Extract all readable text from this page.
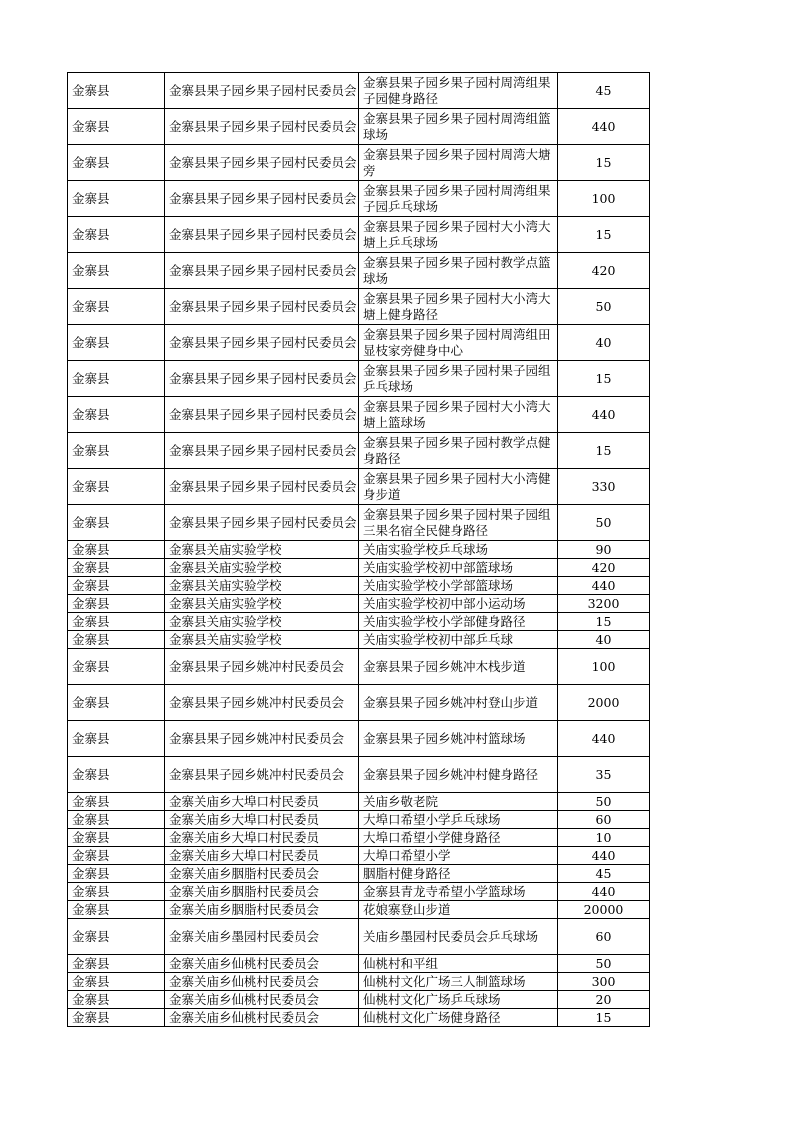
金寨县	金寨县果子园乡果子园村民委员会	金寨县果子园乡果子园村周湾组果子园健身路径	45
金寨县	金寨县果子园乡果子园村民委员会	金寨县果子园乡果子园村周湾组篮球场	440
金寨县	金寨县果子园乡果子园村民委员会	金寨县果子园乡果子园村周湾大塘旁	15
金寨县	金寨县果子园乡果子园村民委员会	金寨县果子园乡果子园村周湾组果子园乒乓球场	100
金寨县	金寨县果子园乡果子园村民委员会	金寨县果子园乡果子园村大小湾大塘上乒乓球场	15
金寨县	金寨县果子园乡果子园村民委员会	金寨县果子园乡果子园村教学点篮球场	420
金寨县	金寨县果子园乡果子园村民委员会	金寨县果子园乡果子园村大小湾大塘上健身路径	50
金寨县	金寨县果子园乡果子园村民委员会	金寨县果子园乡果子园村周湾组田显枝家旁健身中心	40
金寨县	金寨县果子园乡果子园村民委员会	金寨县果子园乡果子园村果子园组乒乓球场	15
金寨县	金寨县果子园乡果子园村民委员会	金寨县果子园乡果子园村大小湾大塘上篮球场	440
金寨县	金寨县果子园乡果子园村民委员会	金寨县果子园乡果子园村教学点健身路径	15
金寨县	金寨县果子园乡果子园村民委员会	金寨县果子园乡果子园村大小湾健身步道	330
金寨县	金寨县果子园乡果子园村民委员会	金寨县果子园乡果子园村果子园组三果名宿全民健身路径	50
金寨县	金寨县关庙实验学校	关庙实验学校乒乓球场	90
金寨县	金寨县关庙实验学校	关庙实验学校初中部篮球场	420
金寨县	金寨县关庙实验学校	关庙实验学校小学部篮球场	440
金寨县	金寨县关庙实验学校	关庙实验学校初中部小运动场	3200
金寨县	金寨县关庙实验学校	关庙实验学校小学部健身路径	15
金寨县	金寨县关庙实验学校	关庙实验学校初中部乒乓球	40
金寨县	金寨县果子园乡姚冲村民委员会	金寨县果子园乡姚冲木栈步道	100
金寨县	金寨县果子园乡姚冲村民委员会	金寨县果子园乡姚冲村登山步道	2000
金寨县	金寨县果子园乡姚冲村民委员会	金寨县果子园乡姚冲村篮球场	440
金寨县	金寨县果子园乡姚冲村民委员会	金寨县果子园乡姚冲村健身路径	35
金寨县	金寨关庙乡大埠口村民委员	关庙乡敬老院	50
金寨县	金寨关庙乡大埠口村民委员	大埠口希望小学乒乓球场	60
金寨县	金寨关庙乡大埠口村民委员	大埠口希望小学健身路径	10
金寨县	金寨关庙乡大埠口村民委员	大埠口希望小学	440
金寨县	金寨关庙乡胭脂村民委员会	胭脂村健身路径	45
金寨县	金寨关庙乡胭脂村民委员会	金寨县青龙寺希望小学篮球场	440
金寨县	金寨关庙乡胭脂村民委员会	花娘寨登山步道	20000
金寨县	金寨关庙乡墨园村民委员会	关庙乡墨园村民委员会乒乓球场	60
金寨县	金寨关庙乡仙桃村民委员会	仙桃村和平组	50
金寨县	金寨关庙乡仙桃村民委员会	仙桃村文化广场三人制篮球场	300
金寨县	金寨关庙乡仙桃村民委员会	仙桃村文化广场乒乓球场	20
金寨县	金寨关庙乡仙桃村民委员会	仙桃村文化广场健身路径	15
